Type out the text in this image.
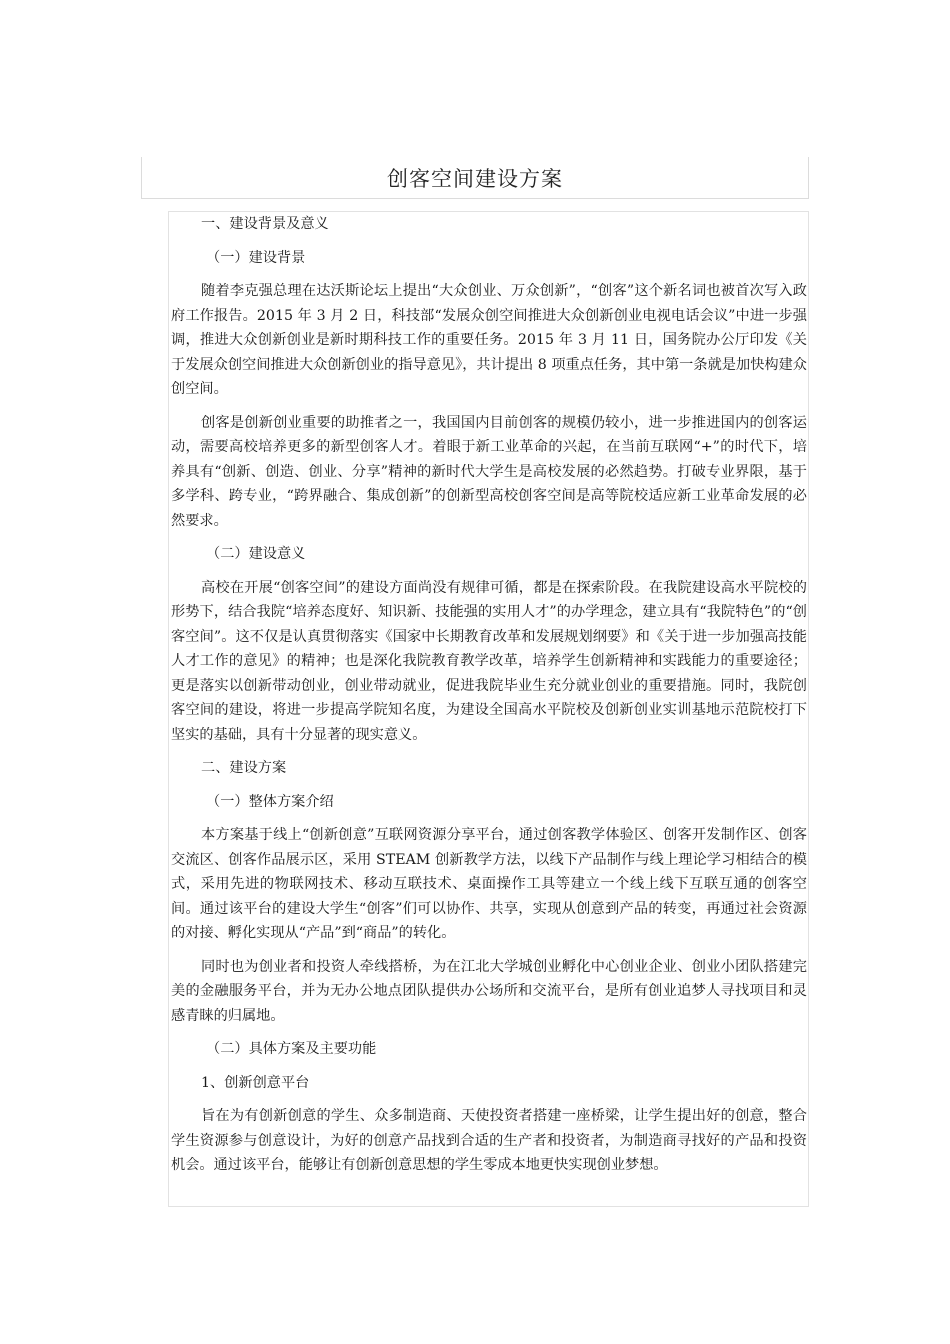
创客空间建设方案

一、建设背景及意义

（一）建设背景

随着李克强总理在达沃斯论坛上提出“大众创业、万众创新”，“创客”这个新名词也被首次写入政府工作报告。2015 年 3 月 2 日，科技部“发展众创空间推进大众创新创业电视电话会议”中进一步强调，推进大众创新创业是新时期科技工作的重要任务。2015 年 3 月 11 日，国务院办公厅印发《关于发展众创空间推进大众创新创业的指导意见》，共计提出 8 项重点任务，其中第一条就是加快构建众创空间。

创客是创新创业重要的助推者之一，我国国内目前创客的规模仍较小，进一步推进国内的创客运动，需要高校培养更多的新型创客人才。着眼于新工业革命的兴起，在当前互联网“+”的时代下，培养具有“创新、创造、创业、分享”精神的新时代大学生是高校发展的必然趋势。打破专业界限，基于多学科、跨专业，“跨界融合、集成创新”的创新型高校创客空间是高等院校适应新工业革命发展的必然要求。

（二）建设意义

高校在开展“创客空间”的建设方面尚没有规律可循，都是在探索阶段。在我院建设高水平院校的形势下，结合我院“培养态度好、知识新、技能强的实用人才”的办学理念，建立具有“我院特色”的“创客空间”。这不仅是认真贯彻落实《国家中长期教育改革和发展规划纲要》和《关于进一步加强高技能人才工作的意见》的精神；也是深化我院教育教学改革，培养学生创新精神和实践能力的重要途径；更是落实以创新带动创业，创业带动就业，促进我院毕业生充分就业创业的重要措施。同时，我院创客空间的建设，将进一步提高学院知名度，为建设全国高水平院校及创新创业实训基地示范院校打下坚实的基础，具有十分显著的现实意义。

二、建设方案

（一）整体方案介绍

本方案基于线上“创新创意”互联网资源分享平台，通过创客教学体验区、创客开发制作区、创客交流区、创客作品展示区，采用 STEAM 创新教学方法，以线下产品制作与线上理论学习相结合的模式，采用先进的物联网技术、移动互联技术、桌面操作工具等建立一个线上线下互联互通的创客空间。通过该平台的建设大学生“创客”们可以协作、共享，实现从创意到产品的转变，再通过社会资源的对接、孵化实现从“产品”到“商品”的转化。

同时也为创业者和投资人牵线搭桥，为在江北大学城创业孵化中心创业企业、创业小团队搭建完美的金融服务平台，并为无办公地点团队提供办公场所和交流平台，是所有创业追梦人寻找项目和灵感青睐的归属地。

（二）具体方案及主要功能

1、创新创意平台

旨在为有创新创意的学生、众多制造商、天使投资者搭建一座桥梁，让学生提出好的创意，整合学生资源参与创意设计，为好的创意产品找到合适的生产者和投资者，为制造商寻找好的产品和投资机会。通过该平台，能够让有创新创意思想的学生零成本地更快实现创业梦想。
